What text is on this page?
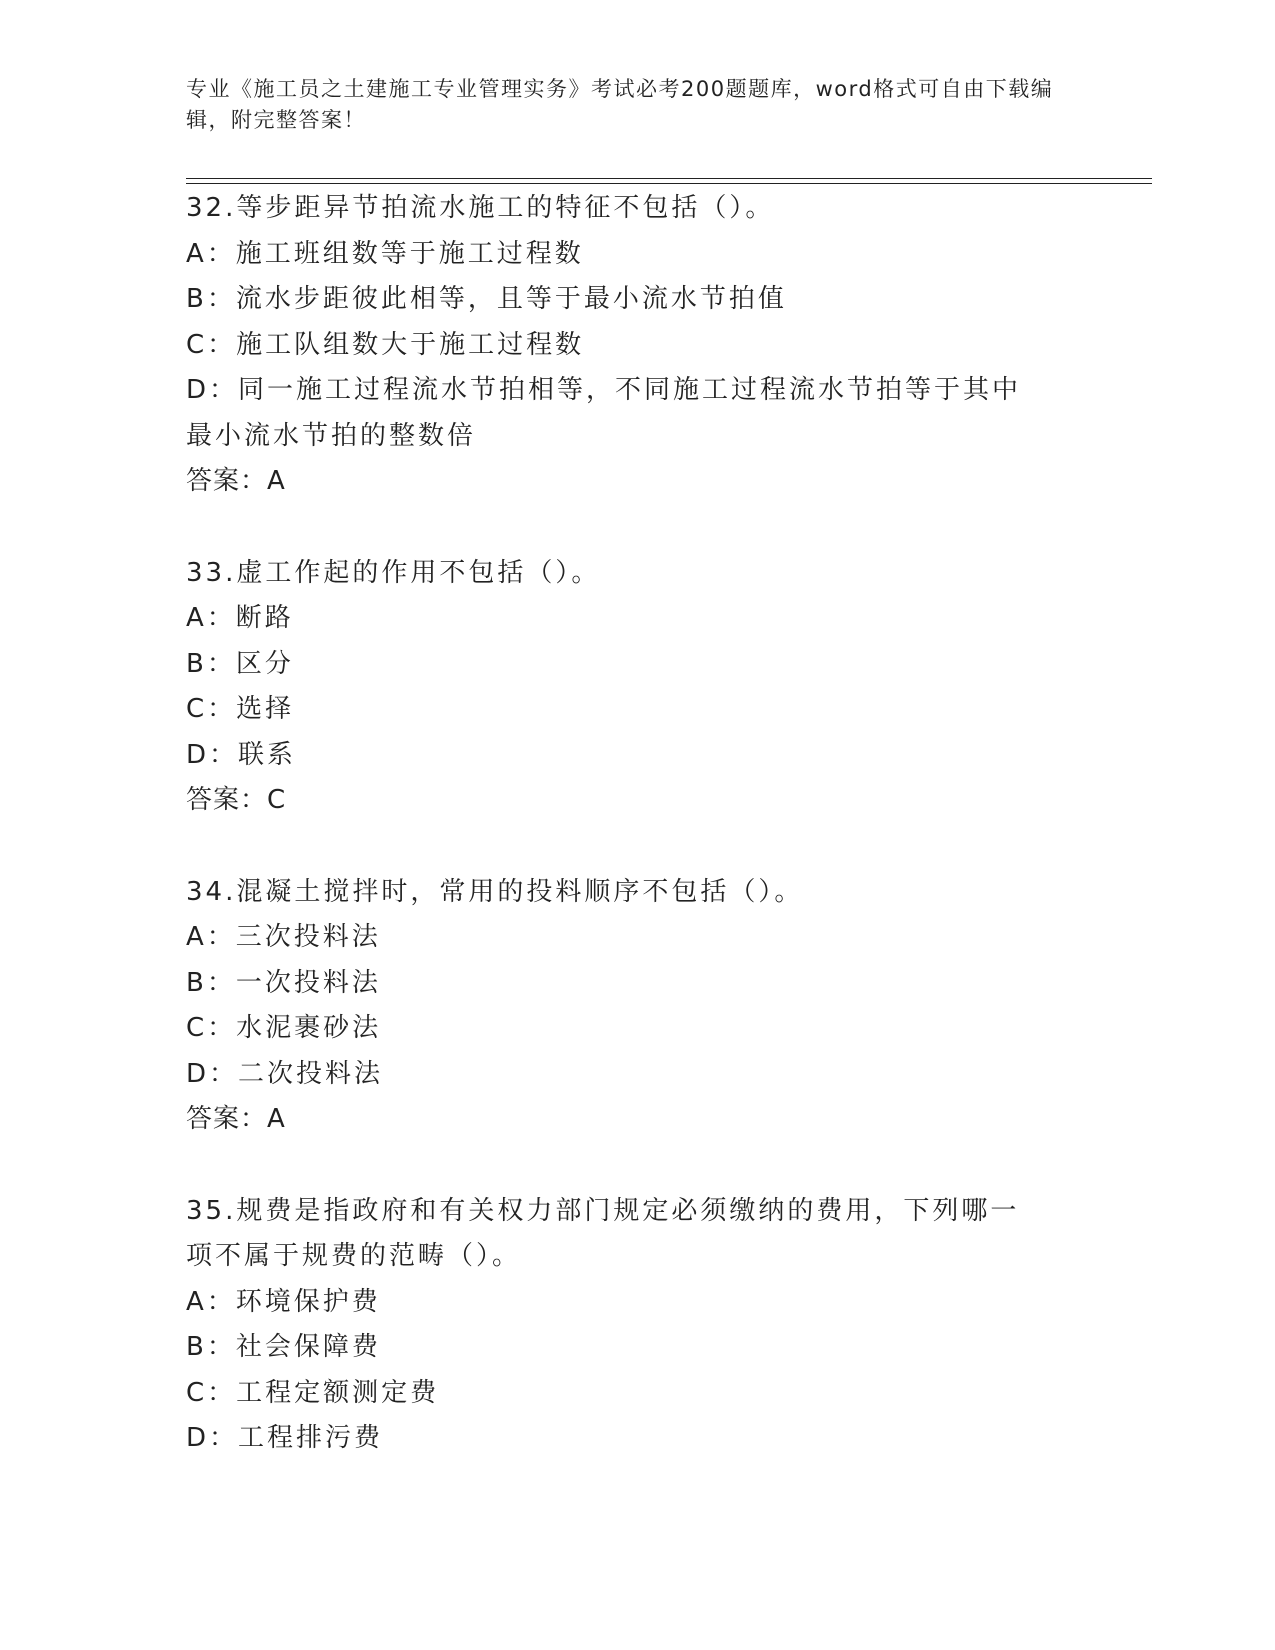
专业《施工员之土建施工专业管理实务》考试必考200题题库，word格式可自由下载编辑，附完整答案！
32.等步距异节拍流水施工的特征不包括（）。
A：施工班组数等于施工过程数
B：流水步距彼此相等，且等于最小流水节拍值
C：施工队组数大于施工过程数
D：同一施工过程流水节拍相等，不同施工过程流水节拍等于其中最小流水节拍的整数倍
答案：A
33.虚工作起的作用不包括（）。
A：断路
B：区分
C：选择
D：联系
答案：C
34.混凝土搅拌时，常用的投料顺序不包括（）。
A：三次投料法
B：一次投料法
C：水泥裹砂法
D：二次投料法
答案：A
35.规费是指政府和有关权力部门规定必须缴纳的费用，下列哪一项不属于规费的范畴（）。
A：环境保护费
B：社会保障费
C：工程定额测定费
D：工程排污费
